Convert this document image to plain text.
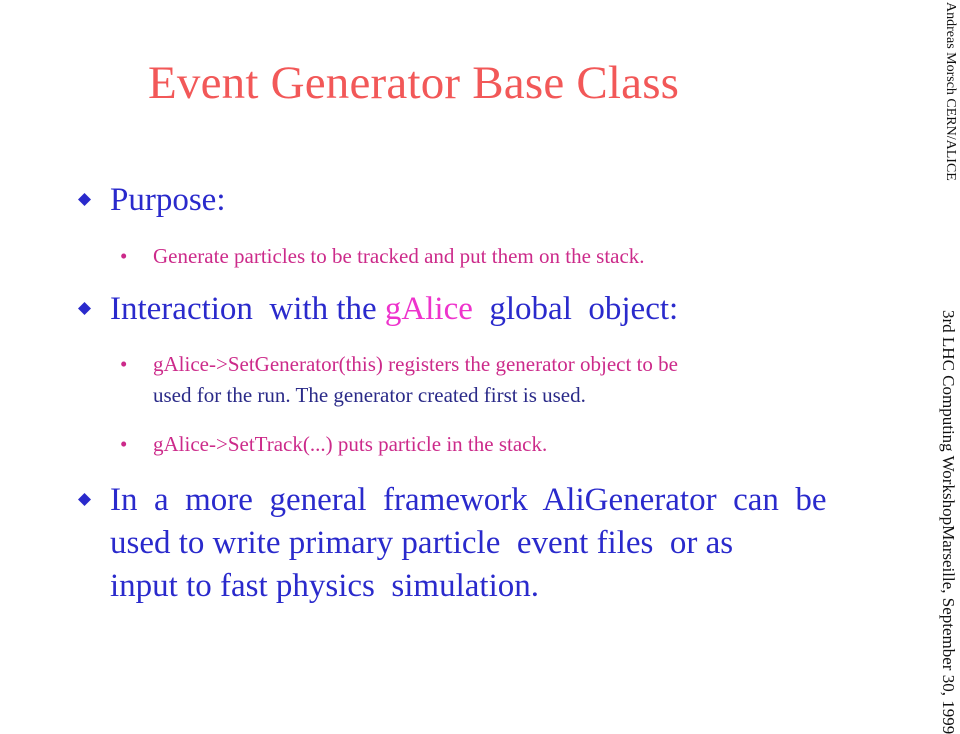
Event Generator Base Class
Purpose:
• Generate particles to be tracked and put them on the stack.
Interaction  with the gAlice  global  object:
• gAlice->SetGenerator(this) registers the generator object to be
used for the run. The generator created first is used.
• gAlice->SetTrack(...) puts particle in the stack.
In  a  more  general  framework  AliGenerator  can  be
used to write primary particle  event files  or as
input to fast physics  simulation.
Andreas Morsch CERN/ALICE
3rd LHC Computing WorkshopMarseille, September 30, 1999
